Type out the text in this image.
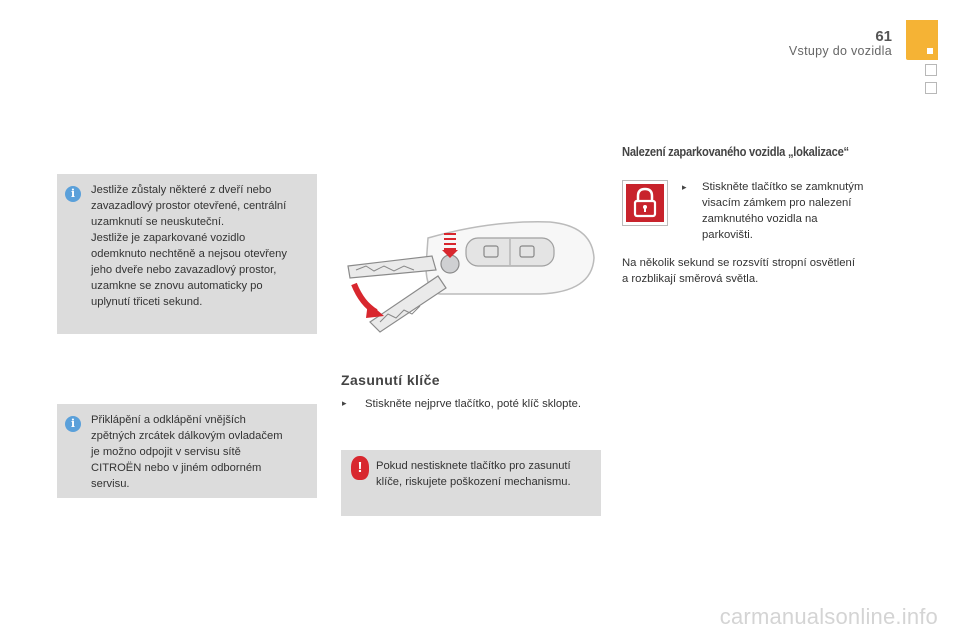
61
Vstupy do vozidla
i	Jestliže zůstaly některé z dveří nebo
zavazadlový prostor otevřené, centrální
uzamknutí se neuskuteční.
Jestliže je zaparkované vozidlo
odemknuto nechtěně a nejsou otevřeny
jeho dveře nebo zavazadlový prostor,
uzamkne se znovu automaticky po
uplynutí třiceti sekund.
i	Přiklápění a odklápění vnějších
zpětných zrcátek dálkovým ovladačem
je možno odpojit v servisu sítě
CITROËN nebo v jiném odborném
servisu.
Zasunutí klíče
▸ Stiskněte nejprve tlačítko, poté klíč sklopte.
!	Pokud nestisknete tlačítko pro zasunutí
klíče, riskujete poškození mechanismu.
Nalezení zaparkovaného vozidla „lokalizace“
▸ Stiskněte tlačítko se zamknutým
visacím zámkem pro nalezení
zamknutého vozidla na
parkovišti.
Na několik sekund se rozsvítí stropní osvětlení
a rozblikají směrová světla.
carmanualsonline.info
